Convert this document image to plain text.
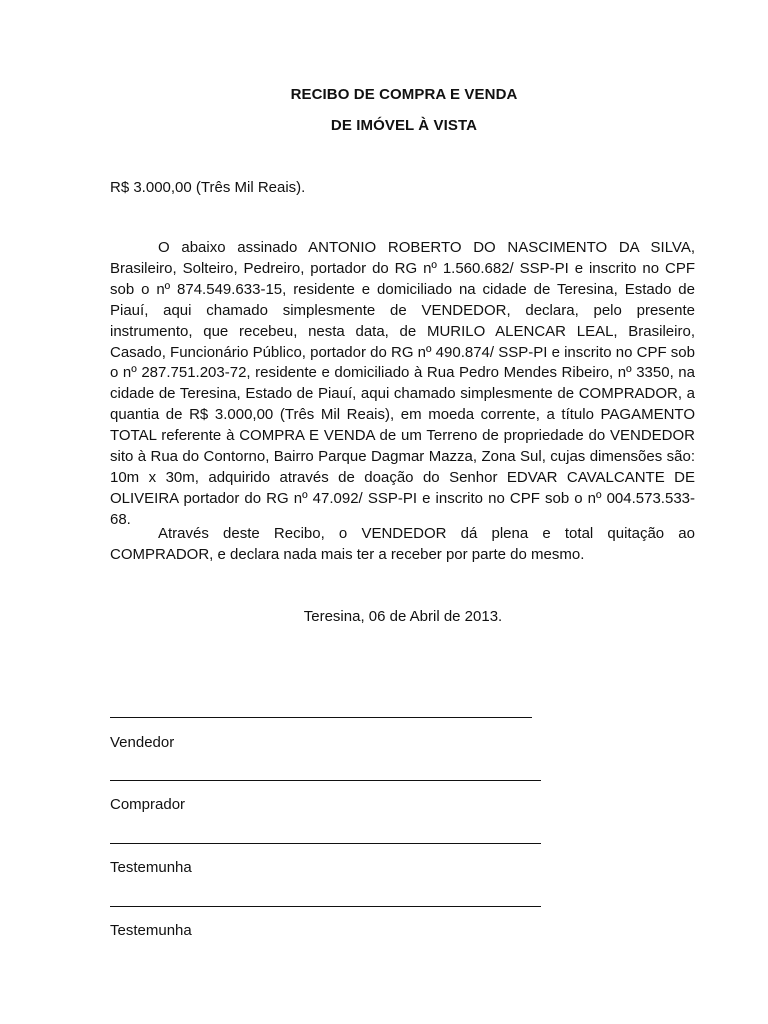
RECIBO DE COMPRA E VENDA
DE IMÓVEL À VISTA
R$ 3.000,00 (Três Mil Reais).

O abaixo assinado ANTONIO ROBERTO DO NASCIMENTO DA SILVA, Brasileiro, Solteiro, Pedreiro, portador do RG nº 1.560.682/ SSP-PI e inscrito no CPF sob o nº 874.549.633-15, residente e domiciliado na cidade de Teresina, Estado de Piauí, aqui chamado simplesmente de VENDEDOR, declara, pelo presente instrumento, que recebeu, nesta data, de MURILO ALENCAR LEAL, Brasileiro, Casado, Funcionário Público, portador do RG nº 490.874/ SSP-PI e inscrito no CPF sob o nº 287.751.203-72, residente e domiciliado à Rua Pedro Mendes Ribeiro, nº 3350, na cidade de Teresina, Estado de Piauí, aqui chamado simplesmente de COMPRADOR, a quantia de R$ 3.000,00 (Três Mil Reais), em moeda corrente, a título PAGAMENTO TOTAL referente à COMPRA E VENDA de um Terreno de propriedade do VENDEDOR sito à Rua do Contorno, Bairro Parque Dagmar Mazza, Zona Sul, cujas dimensões são: 10m x 30m, adquirido através de doação do Senhor EDVAR CAVALCANTE DE OLIVEIRA portador do RG nº 47.092/ SSP-PI e inscrito no CPF sob o nº 004.573.533-68.

Através deste Recibo, o VENDEDOR dá plena e total quitação ao COMPRADOR, e declara nada mais ter a receber por parte do mesmo.

Teresina, 06 de Abril de 2013.
Vendedor
Comprador
Testemunha
Testemunha
